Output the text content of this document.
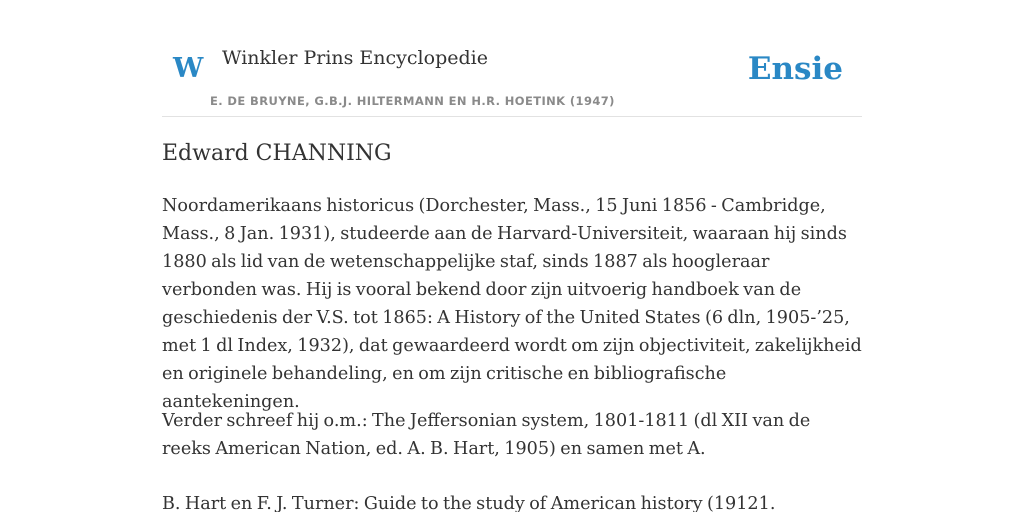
W Winkler Prins Encyclopedie
E. DE BRUYNE, G.B.J. HILTERMANN EN H.R. HOETINK (1947)
Ensie
Edward CHANNING

Noordamerikaans historicus (Dorchester, Mass., 15 Juni 1856 - Cambridge, Mass., 8 Jan. 1931), studeerde aan de Harvard-Universiteit, waaraan hij sinds 1880 als lid van de wetenschappelijke staf, sinds 1887 als hoogleraar verbonden was. Hij is vooral bekend door zijn uitvoerig handboek van de geschiedenis der V.S. tot 1865: A History of the United States (6 dln, 1905-’25, met 1 dl Index, 1932), dat gewaardeerd wordt om zijn objectiviteit, zakelijkheid en originele behandeling, en om zijn critische en bibliografische aantekeningen.

Verder schreef hij o.m.: The Jeffersonian system, 1801-1811 (dl XII van de reeks American Nation, ed. A. B. Hart, 1905) en samen met A.

B. Hart en F. J. Turner: Guide to the study of American history (19121.
